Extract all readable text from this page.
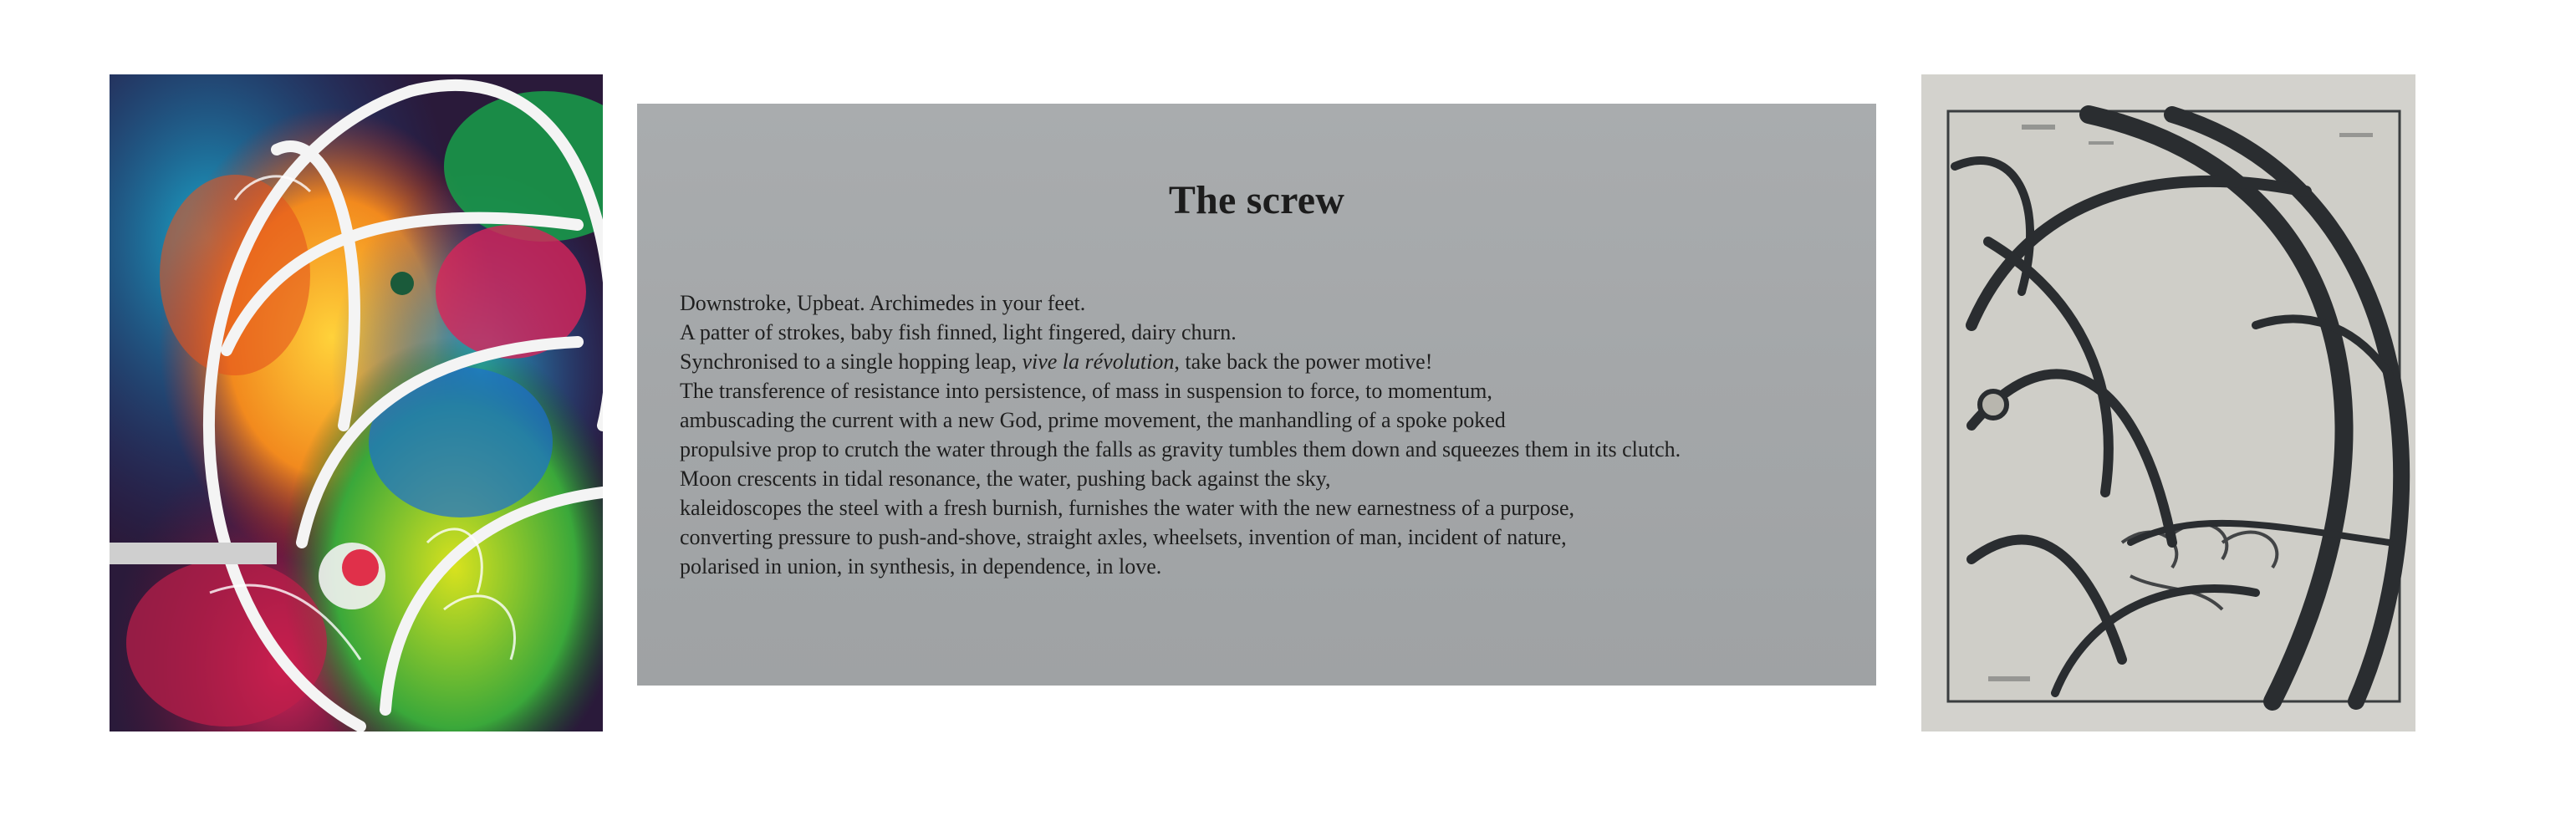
The screw
Downstroke, Upbeat. Archimedes in your feet.
A patter of strokes, baby fish finned, light fingered, dairy churn.
Synchronised to a single hopping leap, vive la révolution, take back the power motive!
The transference of resistance into persistence, of mass in suspension to force, to momentum,
ambuscading the current with a new God, prime movement, the manhandling of a spoke poked
propulsive prop to crutch the water through the falls as gravity tumbles them down and squeezes them in its clutch.
Moon crescents in tidal resonance, the water, pushing back against the sky,
kaleidoscopes the steel with a fresh burnish, furnishes the water with the new earnestness of a purpose,
converting pressure to push-and-shove, straight axles, wheelsets, invention of man, incident of nature,
polarised in union, in synthesis, in dependence, in love.
